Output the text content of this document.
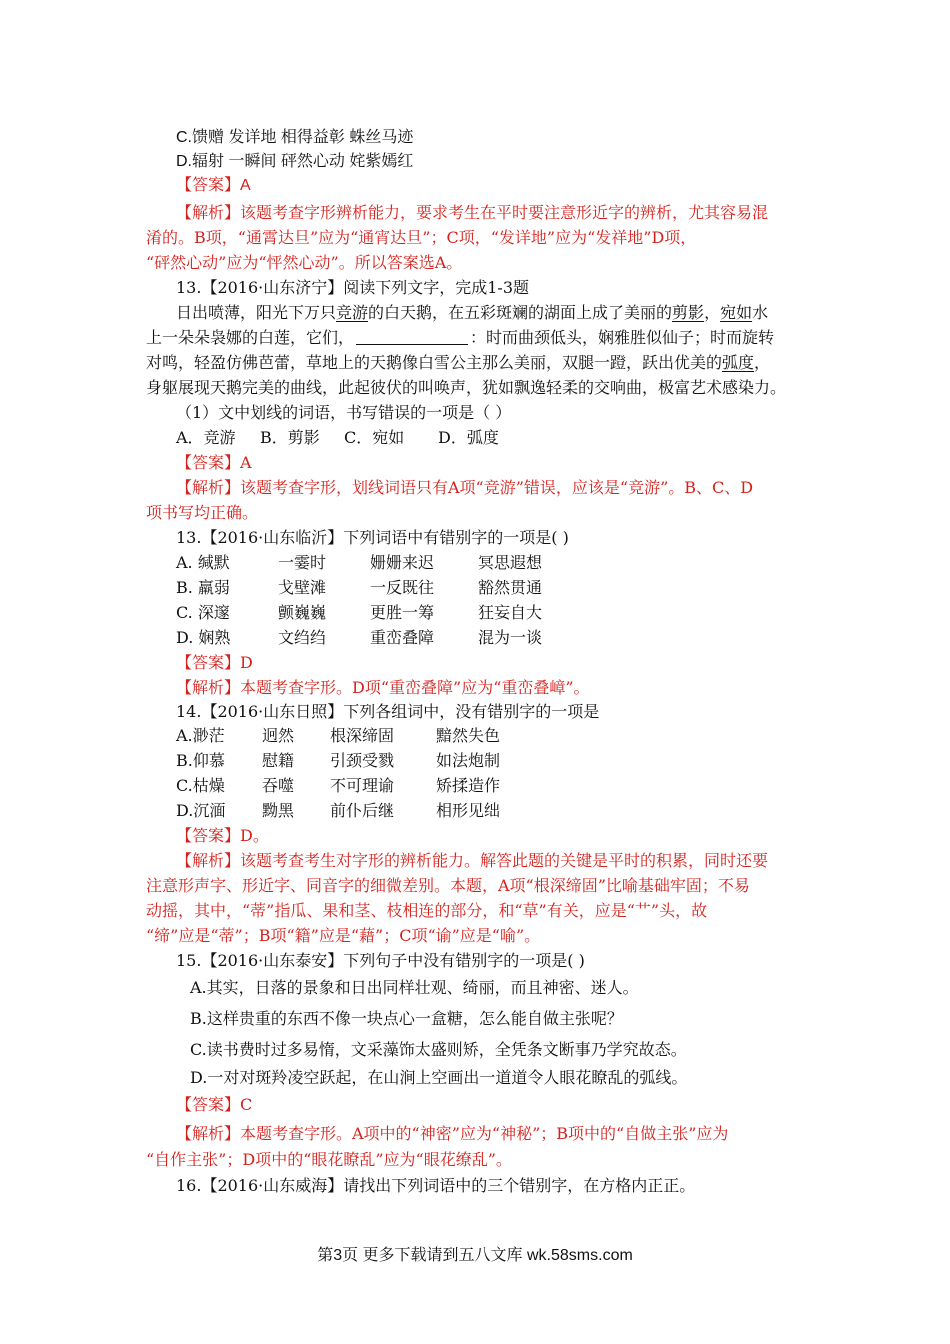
C.馈赠 发详地 相得益彰 蛛丝马迹
D.辐射 一瞬间 砰然心动 姹紫嫣红
【答案】A
【解析】该题考查字形辨析能力，要求考生在平时要注意形近字的辨析，尤其容易混
淆的。B项，“通霄达旦”应为“通宵达旦”；C项，“发详地”应为“发祥地”D项，
“砰然心动”应为“怦然心动”。所以答案选A。
13.【2016·山东济宁】阅读下列文字，完成1-3题
日出喷薄，阳光下万只竞游的白天鹅，在五彩斑斓的湖面上成了美丽的剪影，宛如水
上一朵朵袅娜的白莲，它们，	：时而曲颈低头，娴雅胜似仙子；时而旋转
对鸣，轻盈仿佛芭蕾，草地上的天鹅像白雪公主那么美丽，双腿一蹬，跃出优美的弧度，
身躯展现天鹅完美的曲线，此起彼伏的叫唤声，犹如飘逸轻柔的交响曲，极富艺术感染力。
（1）文中划线的词语，书写错误的一项是（ ）
A．竞游 B．剪影 C．宛如 D．弧度
【答案】A
【解析】该题考查字形，划线词语只有A项“竞游”错误，应该是“竞游”。B、C、D
项书写均正确。
13.【2016·山东临沂】下列词语中有错别字的一项是( )
A. 缄默	一霎时	姗姗来迟	冥思遐想
B. 羸弱	戈壁滩	一反既往	豁然贯通
C. 深邃	颤巍巍	更胜一筹	狂妄自大
D. 娴熟	文绉绉	重峦叠障	混为一谈
【答案】D
【解析】本题考查字形。D项“重峦叠障”应为“重峦叠嶂”。
14.【2016·山东日照】下列各组词中，没有错别字的一项是
A.渺茫 迥然 根深缔固	黯然失色
B.仰慕 慰籍 引颈受戮	如法炮制
C.枯燥 吞噬 不可理谕	矫揉造作
D.沉湎 黝黑 前仆后继	相形见绌
【答案】D。
【解析】该题考查考生对字形的辨析能力。解答此题的关键是平时的积累，同时还要
注意形声字、形近字、同音字的细微差别。本题，A项“根深缔固”比喻基础牢固；不易
动摇，其中，“蒂”指瓜、果和茎、枝相连的部分，和“草”有关，应是“艹”头，故
“缔”应是“蒂”；B项“籍”应是“藉”；C项“谕”应是“喻”。
15.【2016·山东泰安】下列句子中没有错别字的一项是( )
A.其实，日落的景象和日出同样壮观、绮丽，而且神密、迷人。
B.这样贵重的东西不像一块点心一盒糖，怎么能自做主张呢？
C.读书费时过多易惰，文采藻饰太盛则矫，全凭条文断事乃学究故态。
D.一对对斑羚凌空跃起，在山涧上空画出一道道令人眼花瞭乱的弧线。
【答案】C
【解析】本题考查字形。A项中的“神密”应为“神秘”；B项中的“自做主张”应为
“自作主张”；D项中的“眼花瞭乱”应为“眼花缭乱”。
16.【2016·山东威海】请找出下列词语中的三个错别字，在方格内正正。
第3页 更多下载请到五八文库 wk.58sms.com
